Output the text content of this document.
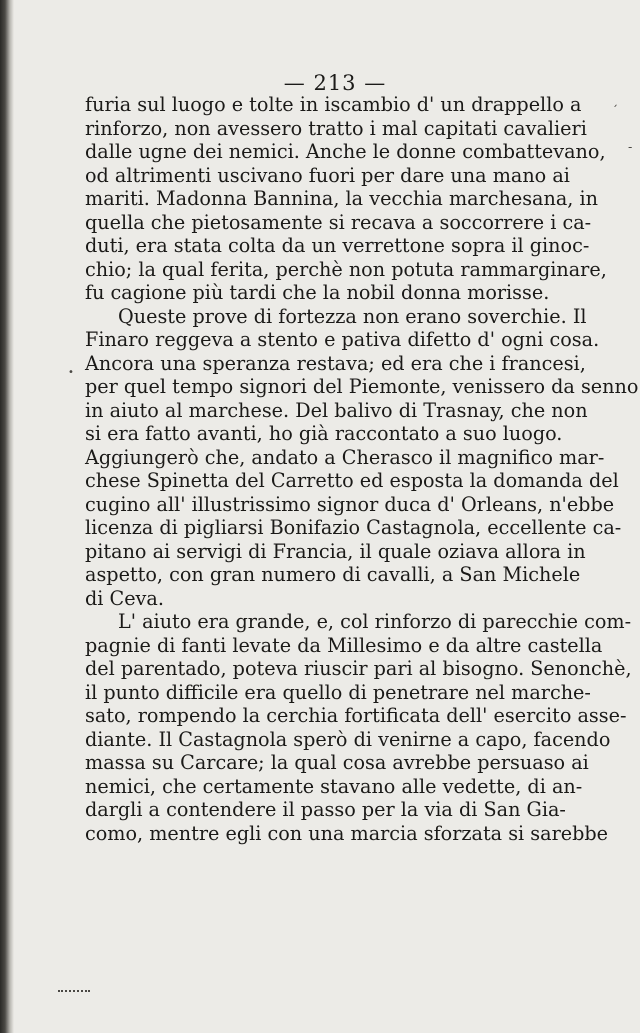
— 213 —
furia sul luogo e tolte in iscambio d' un drappello a
rinforzo, non avessero tratto i mal capitati cavalieri
dalle ugne dei nemici. Anche le donne combattevano,
od altrimenti uscivano fuori per dare una mano ai
mariti. Madonna Bannina, la vecchia marchesana, in
quella che pietosamente si recava a soccorrere i ca-
duti, era stata colta da un verrettone sopra il ginoc-
chio; la qual ferita, perchè non potuta rammarginare,
fu cagione più tardi che la nobil donna morisse.
Queste prove di fortezza non erano soverchie. Il
Finaro reggeva a stento e pativa difetto d' ogni cosa.
Ancora una speranza restava; ed era che i francesi,
per quel tempo signori del Piemonte, venissero da senno
in aiuto al marchese. Del balivo di Trasnay, che non
si era fatto avanti, ho già raccontato a suo luogo.
Aggiungerò che, andato a Cherasco il magnifico mar-
chese Spinetta del Carretto ed esposta la domanda del
cugino all' illustrissimo signor duca d' Orleans, n'ebbe
licenza di pigliarsi Bonifazio Castagnola, eccellente ca-
pitano ai servigi di Francia, il quale oziava allora in
aspetto, con gran numero di cavalli, a San Michele
di Ceva.
L' aiuto era grande, e, col rinforzo di parecchie com-
pagnie di fanti levate da Millesimo e da altre castella
del parentado, poteva riuscir pari al bisogno. Senonchè,
il punto difficile era quello di penetrare nel marche-
sato, rompendo la cerchia fortificata dell' esercito asse-
diante. Il Castagnola sperò di venirne a capo, facendo
massa su Carcare; la qual cosa avrebbe persuaso ai
nemici, che certamente stavano alle vedette, di an-
dargli a contendere il passo per la via di San Gia-
como, mentre egli con una marcia sforzata si sarebbe
ˏ
-
•
